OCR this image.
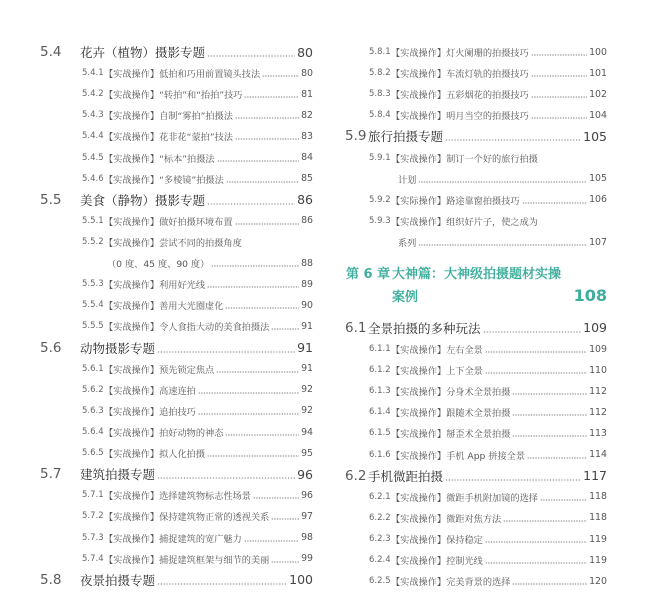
5.4	花卉（植物）摄影专题	80
5.4.1 【实战操作】低拍和巧用前置镜头技法	80
5.4.2 【实战操作】“转拍”和“抬拍”技巧	81
5.4.3 【实战操作】自制“雾拍”拍摄法	82
5.4.4 【实战操作】花非花“蒙拍”技法	83
5.4.5 【实战操作】“标本”拍摄法	84
5.4.6 【实战操作】“多棱镜”拍摄法	85
5.5	美食（静物）摄影专题	86
5.5.1 【实战操作】做好拍摄环境布置	86
5.5.2 【实战操作】尝试不同的拍摄角度
（0 度、45 度、90 度）	88
5.5.3 【实战操作】利用好光线	89
5.5.4 【实战操作】善用大光圈虚化	90
5.5.5 【实战操作】令人食指大动的美食拍摄法	91
5.6	动物摄影专题	91
5.6.1 【实战操作】预先锁定焦点	91
5.6.2 【实战操作】高速连拍	92
5.6.3 【实战操作】追拍技巧	92
5.6.4 【实战操作】拍好动物的神态	94
5.6.5 【实战操作】拟人化拍摄	95
5.7	建筑拍摄专题	96
5.7.1 【实战操作】选择建筑物标志性场景	96
5.7.2 【实战操作】保持建筑物正常的透视关系	97
5.7.3 【实战操作】捕捉建筑的宽广魅力	98
5.7.4 【实战操作】捕捉建筑框架与细节的美丽	99
5.8	夜景拍摄专题	100
5.8.1 【实战操作】灯火阑珊的拍摄技巧	100
5.8.2 【实战操作】车流灯轨的拍摄技巧	101
5.8.3 【实战操作】五彩烟花的拍摄技巧	102
5.8.4 【实战操作】明月当空的拍摄技巧	104
5.9 旅行拍摄专题	105
5.9.1 【实战操作】制订一个好的旅行拍摄
计划	105
5.9.2 【实际操作】路途靠窗拍摄技巧	106
5.9.3 【实战操作】组织好片子，使之成为
系列	107
第 6 章 大神篇：大神级拍摄题材实操
案例	108
6.1 全景拍摄的多种玩法	109
6.1.1 【实战操作】左右全景	109
6.1.2 【实战操作】上下全景	110
6.1.3 【实战操作】分身术全景拍摄	112
6.1.4 【实战操作】跟随术全景拍摄	112
6.1.5 【实战操作】掰歪术全景拍摄	113
6.1.6 【实战操作】手机 App 拼接全景	114
6.2 手机微距拍摄	117
6.2.1 【实战操作】微距手机附加镜的选择	118
6.2.2 【实战操作】微距对焦方法	118
6.2.3 【实战操作】保持稳定	119
6.2.4 【实战操作】控制光线	119
6.2.5 【实战操作】完美背景的选择	120
